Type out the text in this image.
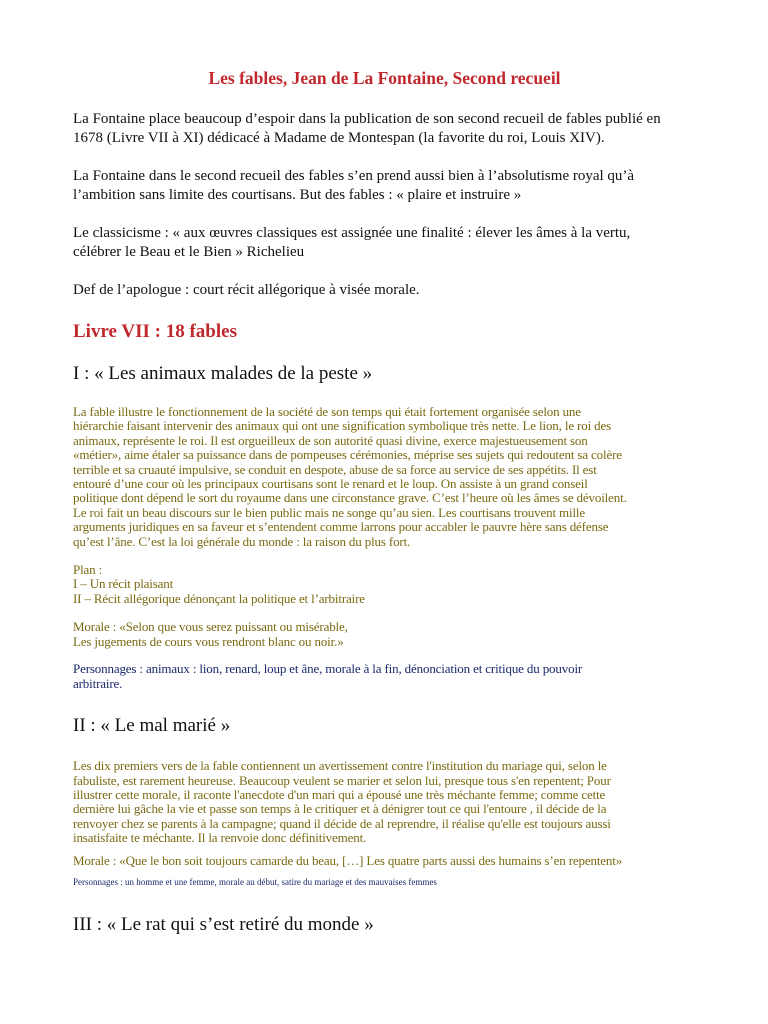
Les fables, Jean de La Fontaine, Second recueil

La Fontaine place beaucoup d’espoir dans la publication de son second recueil de fables publié en
1678 (Livre VII à XI) dédicacé à Madame de Montespan (la favorite du roi, Louis XIV).

La Fontaine dans le second recueil des fables s’en prend aussi bien à l’absolutisme royal qu’à
l’ambition sans limite des courtisans. But des fables : « plaire et instruire »

Le classicisme : « aux œuvres classiques est assignée une finalité : élever les âmes à la vertu,
célébrer le Beau et le Bien » Richelieu

Def de l’apologue : court récit allégorique à visée morale.

Livre VII : 18 fables
I : « Les animaux malades de la peste »

La fable illustre le fonctionnement de la société de son temps qui était fortement organisée selon une
hiérarchie faisant intervenir des animaux qui ont une signification symbolique très nette. Le lion, le roi des
animaux, représente le roi. Il est orgueilleux de son autorité quasi divine, exerce majestueusement son
«métier», aime étaler sa puissance dans de pompeuses cérémonies, méprise ses sujets qui redoutent sa colère
terrible et sa cruauté impulsive, se conduit en despote, abuse de sa force au service de ses appétits. Il est
entouré d’une cour où les principaux courtisans sont le renard et le loup. On assiste à un grand conseil
politique dont dépend le sort du royaume dans une circonstance grave. C’est l’heure où les âmes se dévoilent.
Le roi fait un beau discours sur le bien public mais ne songe qu’au sien. Les courtisans trouvent mille
arguments juridiques en sa faveur et s’entendent comme larrons pour accabler le pauvre hère sans défense
qu’est l’âne. C’est la loi générale du monde : la raison du plus fort.

Plan :
I – Un récit plaisant
II – Récit allégorique dénonçant la politique et l’arbitraire

Morale : «Selon que vous serez puissant ou misérable,
Les jugements de cours vous rendront blanc ou noir.»

Personnages : animaux : lion, renard, loup et âne, morale à la fin, dénonciation et critique du pouvoir
arbitraire.

II : « Le mal marié »

Les dix premiers vers de la fable contiennent un avertissement contre l'institution du mariage qui, selon le
fabuliste, est rarement heureuse. Beaucoup veulent se marier et selon lui, presque tous s'en repentent; Pour
illustrer cette morale, il raconte l'anecdote d'un mari qui a épousé une très méchante femme; comme cette
dernière lui gâche la vie et passe son temps à le critiquer et à dénigrer tout ce qui l'entoure , il décide de la
renvoyer chez se parents à la campagne; quand il décide de al reprendre, il réalise qu'elle est toujours aussi
insatisfaite te méchante. Il la renvoie donc définitivement.

Morale : «Que le bon soit toujours camarde du beau, […] Les quatre parts aussi des humains s’en repentent»

Personnages : un homme et une femme, morale au début, satire du mariage et des mauvaises femmes

III : « Le rat qui s’est retiré du monde »
